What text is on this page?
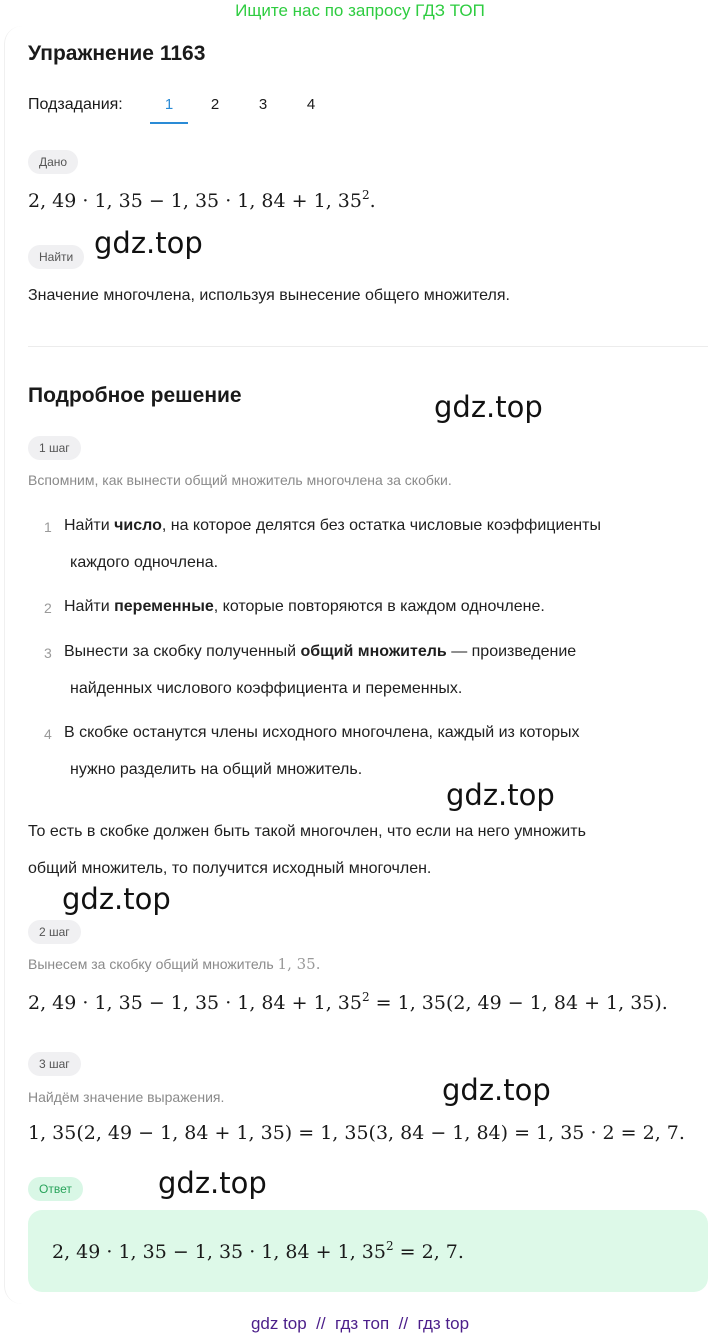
Ищите нас по запросу ГДЗ ТОП
Упражнение 1163
Подзадания:	1	2	3	4
Дано
2, 49 · 1, 35 − 1, 35 · 1, 84 + 1, $35^2$.
Найти gdz.top
Значение многочлена, используя вынесение общего множителя.
Подробное решение	gdz.top
1 шаг
Вспомним, как вынести общий множитель многочлена за скобки.
1 Найти число, на которое делятся без остатка числовые коэффициенты
каждого одночлена.
2 Найти переменные, которые повторяются в каждом одночлене.
3 Вынести за скобку полученный общий множитель — произведение
найденных числового коэффициента и переменных.
4 В скобке останутся члены исходного многочлена, каждый из которых
нужно разделить на общий множитель.
gdz.top
То есть в скобке должен быть такой многочлен, что если на него умножить
общий множитель, то получится исходный многочлен.
gdz.top
2 шаг
Вынесем за скобку общий множитель 1, 35.
2, 49 · 1, 35 − 1, 35 · 1, 84 + 1, $35^2 = 1$, 35(2, 49 − 1, 84 + 1, 35).
3 шаг
gdz.top
Найдём значение выражения.
1, 35(2, 49 − 1, 84 + 1, 35) = 1, 35(3, 84 − 1, 84) = 1, 35 · 2 = 2, 7.
Ответ	gdz.top
2, 49 · 1, 35 − 1, 35 · 1, 84 + 1, $35^2 = 2$, 7.
gdz top  //  гдз топ  //  гдз top
